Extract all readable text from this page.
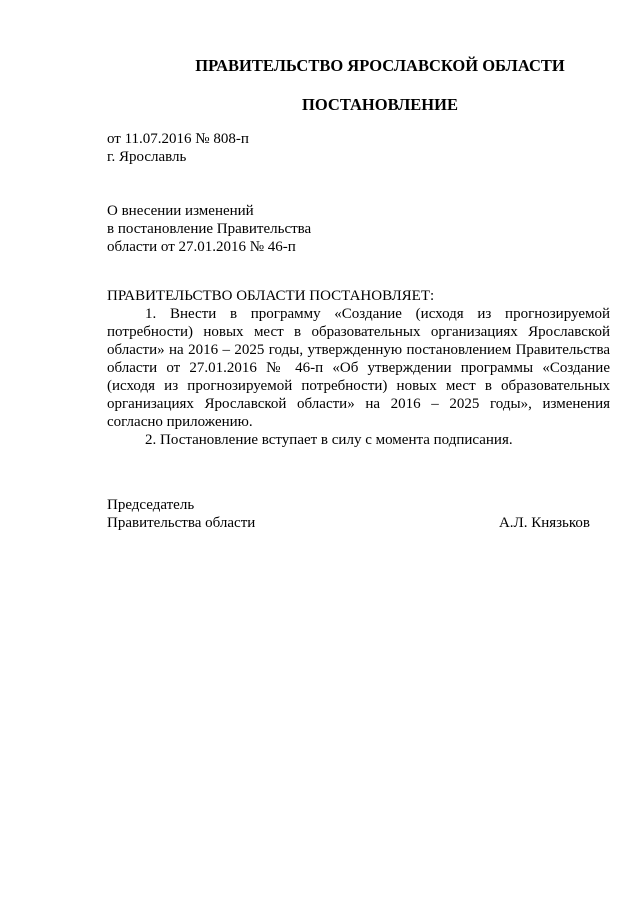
ПРАВИТЕЛЬСТВО ЯРОСЛАВСКОЙ ОБЛАСТИ
ПОСТАНОВЛЕНИЕ
от 11.07.2016 № 808-п
г. Ярославль
О внесении изменений
в постановление Правительства
области от 27.01.2016 № 46-п
ПРАВИТЕЛЬСТВО ОБЛАСТИ ПОСТАНОВЛЯЕТ:

1. Внести в программу «Создание (исходя из прогнозируемой потребности) новых мест в образовательных организациях Ярославской области» на 2016 – 2025 годы, утвержденную постановлением Правительства области от 27.01.2016 № 46-п «Об утверждении программы «Создание (исходя из прогнозируемой потребности) новых мест в образовательных организациях Ярославской области» на 2016 – 2025 годы», изменения согласно приложению.

2. Постановление вступает в силу с момента подписания.

Председатель
Правительства области	А.Л. Князьков
